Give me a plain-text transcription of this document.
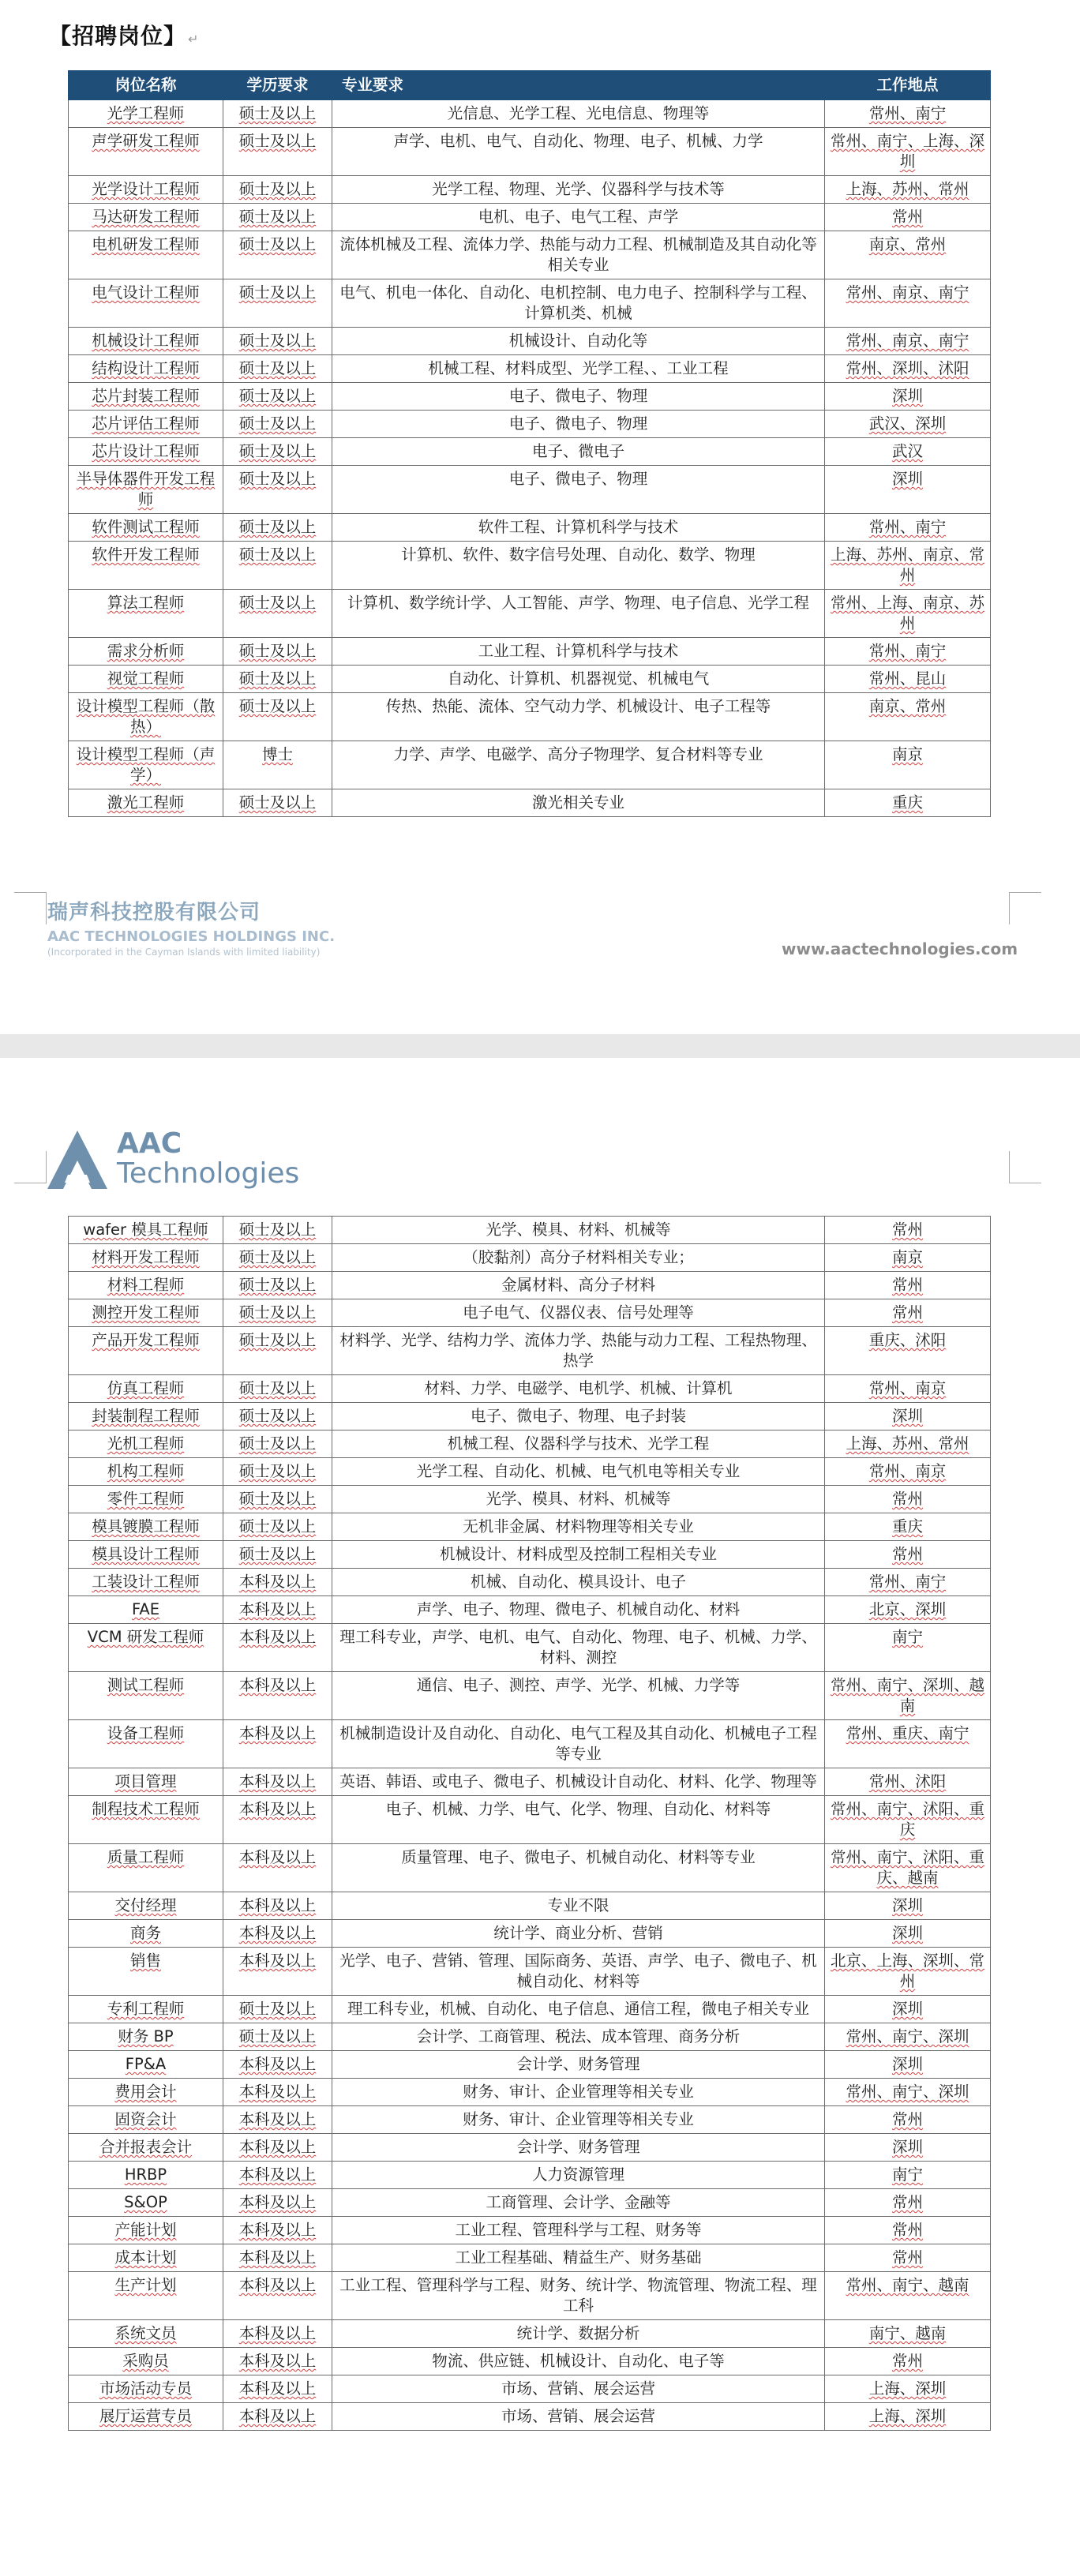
【招聘岗位】 ↵
岗位名称	学历要求	专业要求	工作地点
光学工程师	硕士及以上	光信息、光学工程、光电信息、物理等	常州、南宁
声学研发工程师	硕士及以上	声学、电机、电气、自动化、物理、电子、机械、力学	常州、南宁、上海、深圳
光学设计工程师	硕士及以上	光学工程、物理、光学、仪器科学与技术等	上海、苏州、常州
马达研发工程师	硕士及以上	电机、电子、电气工程、声学	常州
电机研发工程师	硕士及以上	流体机械及工程、流体力学、热能与动力工程、机械制造及其自动化等相关专业	南京、常州
电气设计工程师	硕士及以上	电气、机电一体化、自动化、电机控制、电力电子、控制科学与工程、计算机类、机械	常州、南京、南宁
机械设计工程师	硕士及以上	机械设计、自动化等	常州、南京、南宁
结构设计工程师	硕士及以上	机械工程、材料成型、光学工程、、工业工程	常州、深圳、沭阳
芯片封装工程师	硕士及以上	电子、微电子、物理	深圳
芯片评估工程师	硕士及以上	电子、微电子、物理	武汉、深圳
芯片设计工程师	硕士及以上	电子、微电子	武汉
半导体器件开发工程师	硕士及以上	电子、微电子、物理	深圳
软件测试工程师	硕士及以上	软件工程、计算机科学与技术	常州、南宁
软件开发工程师	硕士及以上	计算机、软件、数字信号处理、自动化、数学、物理	上海、苏州、南京、常州
算法工程师	硕士及以上	计算机、数学统计学、人工智能、声学、物理、电子信息、光学工程	常州、上海、南京、苏州
需求分析师	硕士及以上	工业工程、计算机科学与技术	常州、南宁
视觉工程师	硕士及以上	自动化、计算机、机器视觉、机械电气	常州、昆山
设计模型工程师（散热）	硕士及以上	传热、热能、流体、空气动力学、机械设计、电子工程等	南京、常州
设计模型工程师（声学）	博士	力学、声学、电磁学、高分子物理学、复合材料等专业	南京
激光工程师	硕士及以上	激光相关专业	重庆
瑞声科技控股有限公司
AAC TECHNOLOGIES HOLDINGS INC.
(Incorporated in the Cayman Islands with limited liability)	www.aactechnologies.com
AAC
Technologies
wafer 模具工程师	硕士及以上	光学、模具、材料、机械等	常州
材料开发工程师	硕士及以上	（胶黏剂）高分子材料相关专业；	南京
材料工程师	硕士及以上	金属材料、高分子材料	常州
测控开发工程师	硕士及以上	电子电气、仪器仪表、信号处理等	常州
产品开发工程师	硕士及以上	材料学、光学、结构力学、流体力学、热能与动力工程、工程热物理、热学	重庆、沭阳
仿真工程师	硕士及以上	材料、力学、电磁学、电机学、机械、计算机	常州、南京
封装制程工程师	硕士及以上	电子、微电子、物理、电子封装	深圳
光机工程师	硕士及以上	机械工程、仪器科学与技术、光学工程	上海、苏州、常州
机构工程师	硕士及以上	光学工程、自动化、机械、电气机电等相关专业	常州、南京
零件工程师	硕士及以上	光学、模具、材料、机械等	常州
模具镀膜工程师	硕士及以上	无机非金属、材料物理等相关专业	重庆
模具设计工程师	硕士及以上	机械设计、材料成型及控制工程相关专业	常州
工装设计工程师	本科及以上	机械、自动化、模具设计、电子	常州、南宁
FAE	本科及以上	声学、电子、物理、微电子、机械自动化、材料	北京、深圳
VCM 研发工程师	本科及以上	理工科专业，声学、电机、电气、自动化、物理、电子、机械、力学、材料、测控	南宁
测试工程师	本科及以上	通信、电子、测控、声学、光学、机械、力学等	常州、南宁、深圳、越南
设备工程师	本科及以上	机械制造设计及自动化、自动化、电气工程及其自动化、机械电子工程等专业	常州、重庆、南宁
项目管理	本科及以上	英语、韩语、或电子、微电子、机械设计自动化、材料、化学、物理等	常州、沭阳
制程技术工程师	本科及以上	电子、机械、力学、电气、化学、物理、自动化、材料等	常州、南宁、沭阳、重庆
质量工程师	本科及以上	质量管理、电子、微电子、机械自动化、材料等专业	常州、南宁、沭阳、重庆、越南
交付经理	本科及以上	专业不限	深圳
商务	本科及以上	统计学、商业分析、营销	深圳
销售	本科及以上	光学、电子、营销、管理、国际商务、英语、声学、电子、微电子、机械自动化、材料等	北京、上海、深圳、常州
专利工程师	硕士及以上	理工科专业，机械、自动化、电子信息、通信工程，微电子相关专业	深圳
财务 BP	硕士及以上	会计学、工商管理、税法、成本管理、商务分析	常州、南宁、深圳
FP&A	本科及以上	会计学、财务管理	深圳
费用会计	本科及以上	财务、审计、企业管理等相关专业	常州、南宁、深圳
固资会计	本科及以上	财务、审计、企业管理等相关专业	常州
合并报表会计	本科及以上	会计学、财务管理	深圳
HRBP	本科及以上	人力资源管理	南宁
S&OP	本科及以上	工商管理、会计学、金融等	常州
产能计划	本科及以上	工业工程、管理科学与工程、财务等	常州
成本计划	本科及以上	工业工程基础、精益生产、财务基础	常州
生产计划	本科及以上	工业工程、管理科学与工程、财务、统计学、物流管理、物流工程、理工科	常州、南宁、越南
系统文员	本科及以上	统计学、数据分析	南宁、越南
采购员	本科及以上	物流、供应链、机械设计、自动化、电子等	常州
市场活动专员	本科及以上	市场、营销、展会运营	上海、深圳
展厅运营专员	本科及以上	市场、营销、展会运营	上海、深圳
